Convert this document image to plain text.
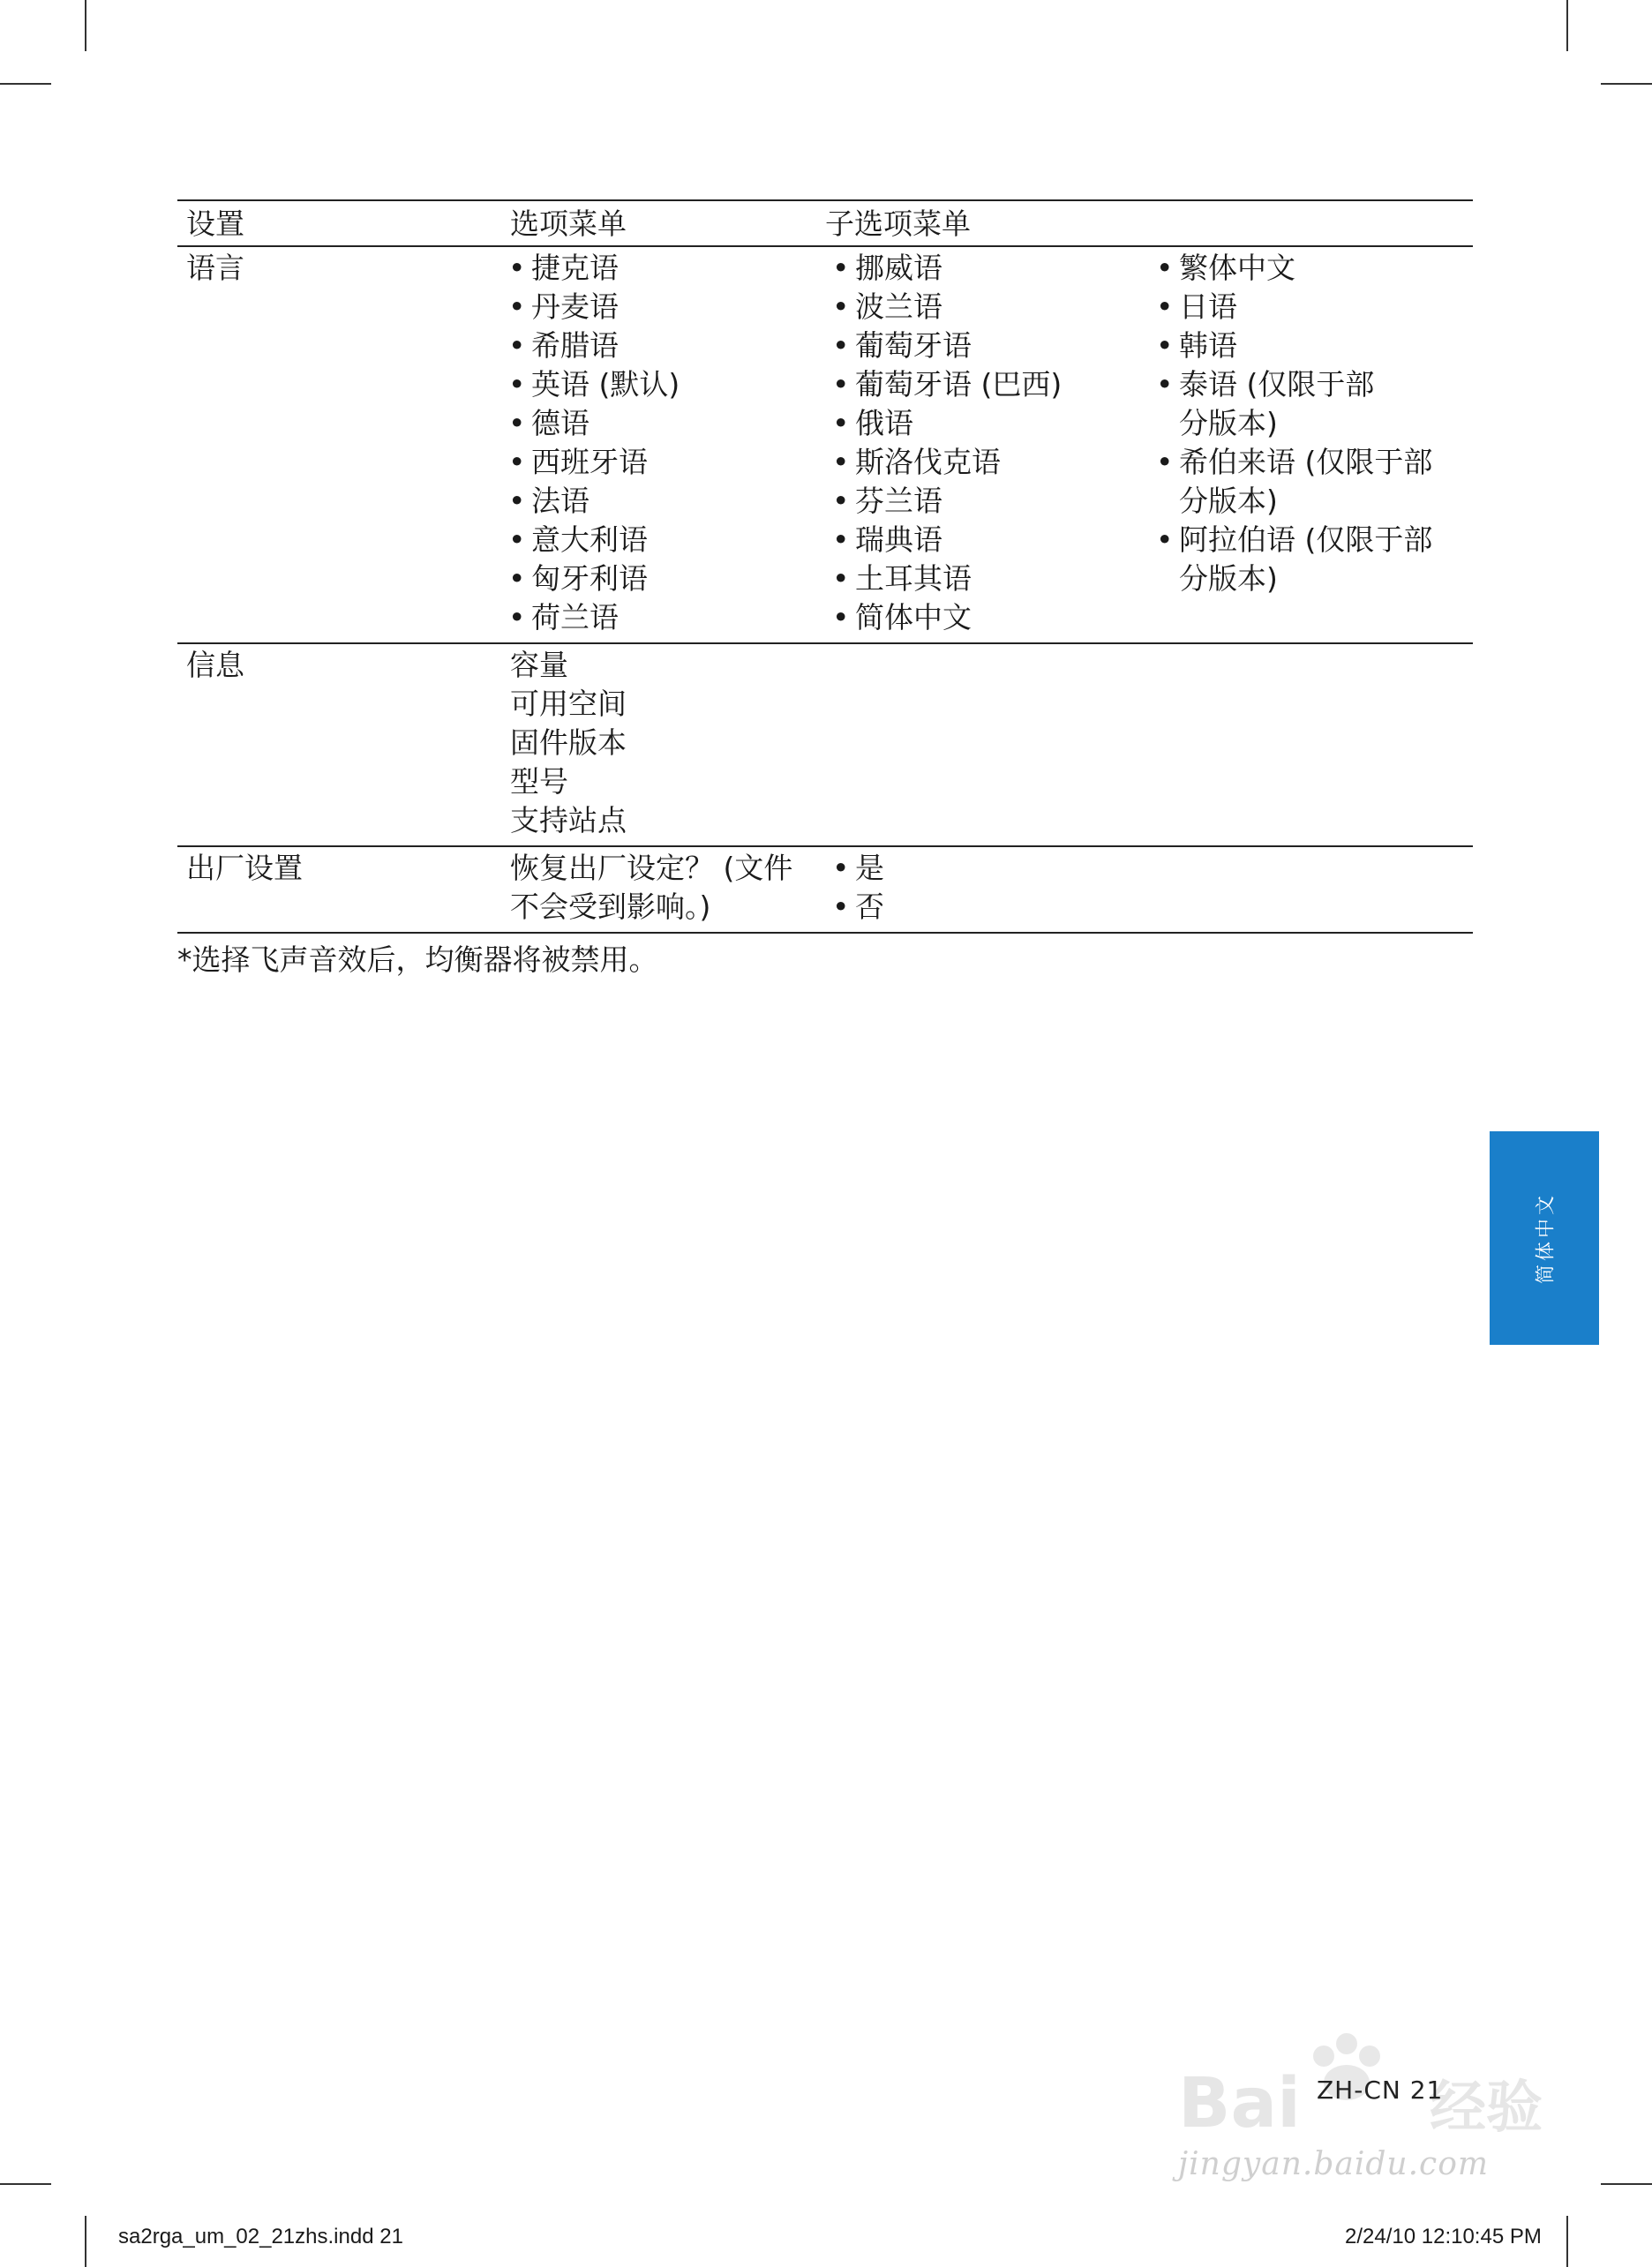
设置	选项菜单	子选项菜单
语言
•	捷克语
• 丹麦语
• 希腊语
• 英语 (默认)
• 德语
• 西班牙语
• 法语
• 意大利语
• 匈牙利语
• 荷兰语
• 挪威语
• 波兰语
• 葡萄牙语
• 葡萄牙语 (巴西)
• 俄语
• 斯洛伐克语
• 芬兰语
• 瑞典语
• 土耳其语
• 简体中文
• 繁体中文
• 日语
• 韩语
• 泰语 (仅限于部分版本)
• 希伯来语 (仅限于部分版本)
• 阿拉伯语 (仅限于部分版本)
信息	容量
可用空间
固件版本
型号
支持站点
出厂设置	恢复出厂设定？ (文件不会受到影响。)
• 是
• 否
*选择飞声音效后，均衡器将被禁用。
简体中文
Bai 经验
jingyan.baidu.com
ZH-CN 21
sa2rga_um_02_21zhs.indd 21	2/24/10 12:10:45 PM
